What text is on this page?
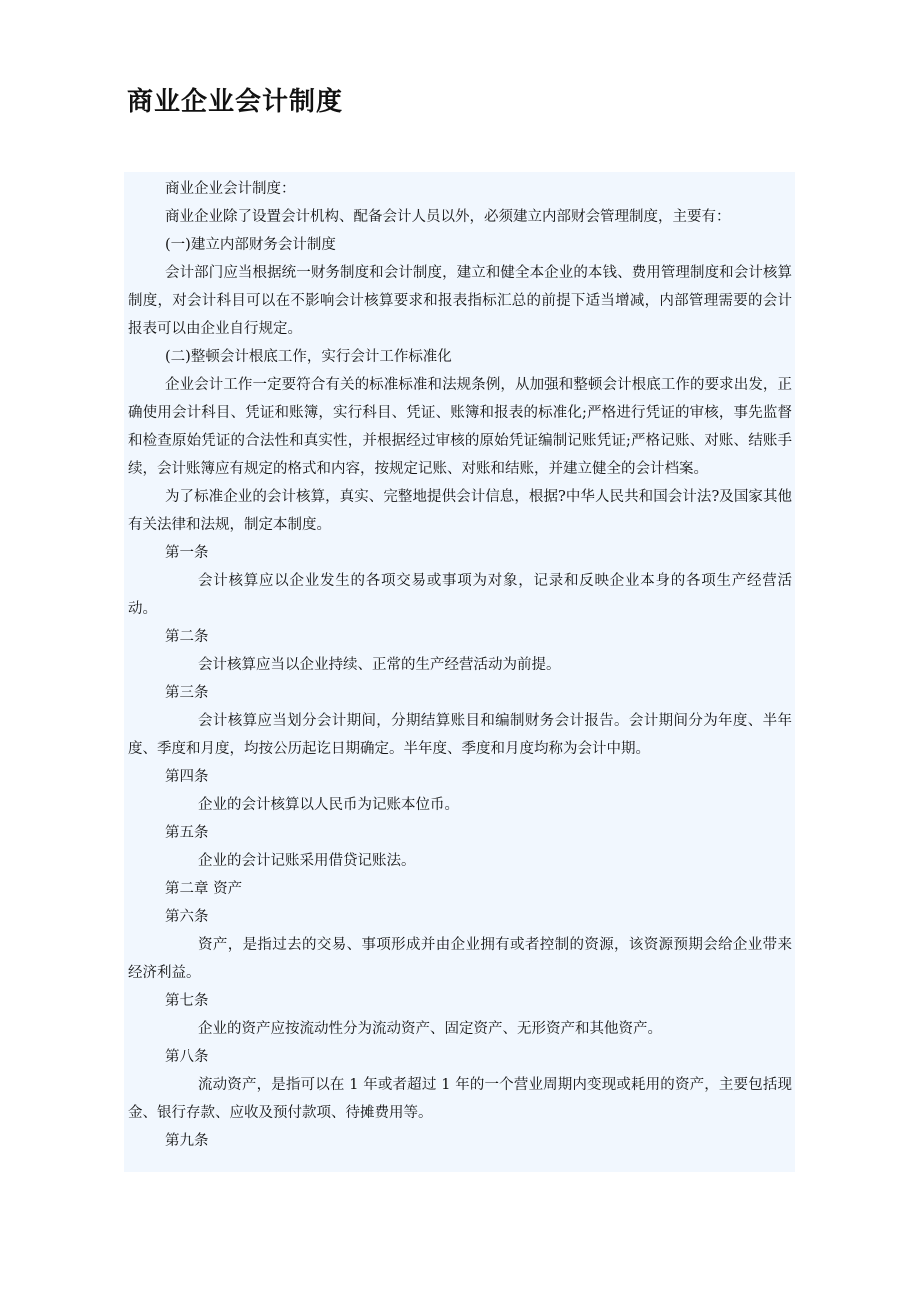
商业企业会计制度

商业企业会计制度：

商业企业除了设置会计机构、配备会计人员以外，必须建立内部财会管理制度，主要有：

(一)建立内部财务会计制度

会计部门应当根据统一财务制度和会计制度，建立和健全本企业的本钱、费用管理制度和会计核算制度，对会计科目可以在不影响会计核算要求和报表指标汇总的前提下适当增减，内部管理需要的会计报表可以由企业自行规定。

(二)整顿会计根底工作，实行会计工作标准化

企业会计工作一定要符合有关的标准标准和法规条例，从加强和整顿会计根底工作的要求出发，正确使用会计科目、凭证和账簿，实行科目、凭证、账簿和报表的标准化;严格进行凭证的审核，事先监督和检查原始凭证的合法性和真实性，并根据经过审核的原始凭证编制记账凭证;严格记账、对账、结账手续，会计账簿应有规定的格式和内容，按规定记账、对账和结账，并建立健全的会计档案。

为了标准企业的会计核算，真实、完整地提供会计信息，根据?中华人民共和国会计法?及国家其他有关法律和法规，制定本制度。

第一条

会计核算应以企业发生的各项交易或事项为对象，记录和反映企业本身的各项生产经营活动。

第二条

会计核算应当以企业持续、正常的生产经营活动为前提。

第三条

会计核算应当划分会计期间，分期结算账目和编制财务会计报告。会计期间分为年度、半年度、季度和月度，均按公历起讫日期确定。半年度、季度和月度均称为会计中期。

第四条

企业的会计核算以人民币为记账本位币。

第五条

企业的会计记账采用借贷记账法。

第二章 资产

第六条

资产，是指过去的交易、事项形成并由企业拥有或者控制的资源，该资源预期会给企业带来经济利益。

第七条

企业的资产应按流动性分为流动资产、固定资产、无形资产和其他资产。

第八条

流动资产，是指可以在 1 年或者超过 1 年的一个营业周期内变现或耗用的资产，主要包括现金、银行存款、应收及预付款项、待摊费用等。

第九条
